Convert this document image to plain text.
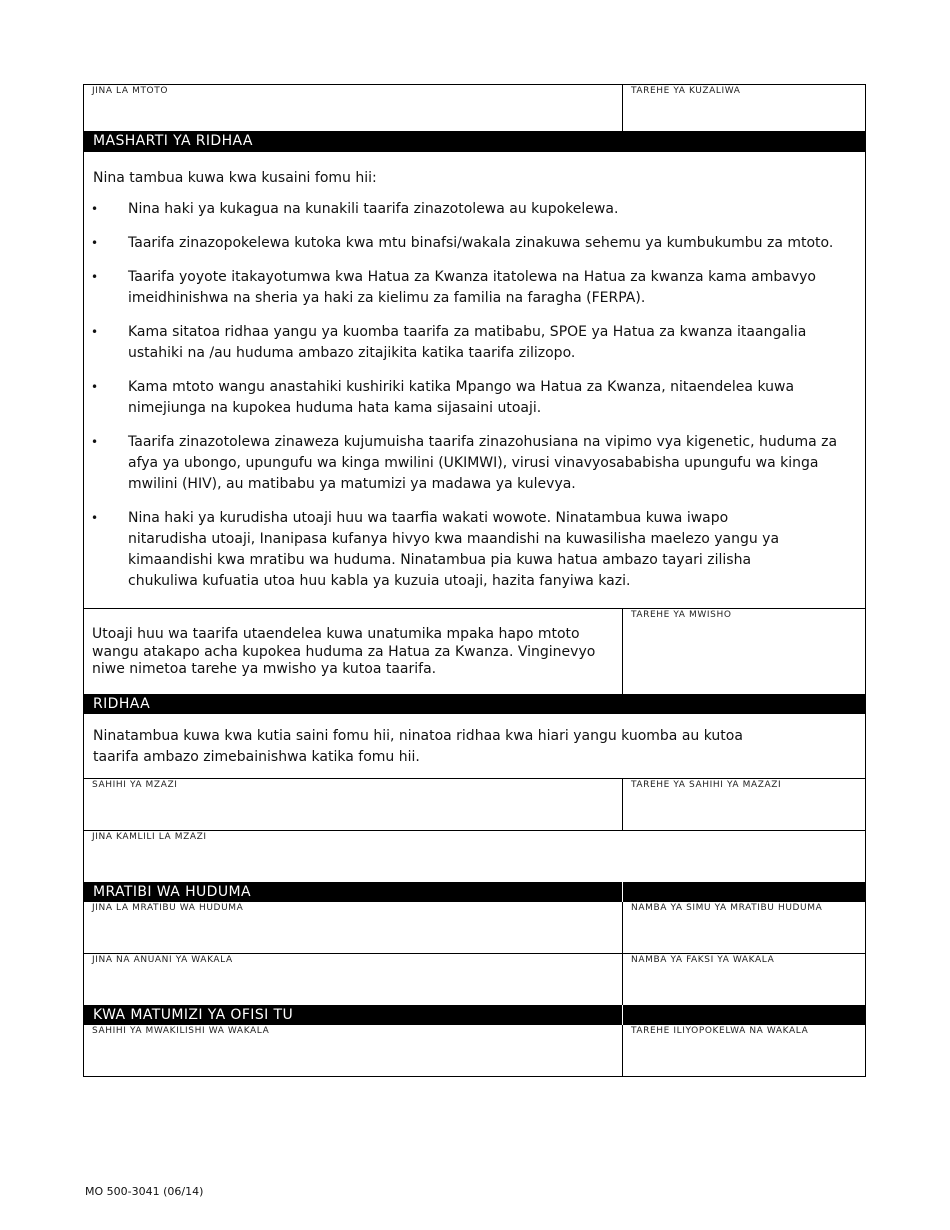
JINA LA MTOTO	TAREHE YA KUZALIWA
MASHARTI YA RIDHAA
Nina tambua kuwa kwa kusaini fomu hii:
• Nina haki ya kukagua na kunakili taarifa zinazotolewa au kupokelewa.
• Taarifa zinazopokelewa kutoka kwa mtu binafsi/wakala zinakuwa sehemu ya kumbukumbu za mtoto.
• Taarifa yoyote itakayotumwa kwa Hatua za Kwanza itatolewa na Hatua za kwanza kama ambavyo imeidhinishwa na sheria ya haki za kielimu za familia na faragha (FERPA).
• Kama sitatoa ridhaa yangu ya kuomba taarifa za matibabu, SPOE ya Hatua za kwanza itaangalia ustahiki na /au huduma ambazo zitajikita katika taarifa zilizopo.
• Kama mtoto wangu anastahiki kushiriki katika Mpango wa Hatua za Kwanza, nitaendelea kuwa nimejiunga na kupokea huduma hata kama sijasaini utoaji.
• Taarifa zinazotolewa zinaweza kujumuisha taarifa zinazohusiana na vipimo vya kigenetic, huduma za afya ya ubongo, upungufu wa kinga mwilini (UKIMWI), virusi vinavyosababisha upungufu wa kinga mwilini (HIV), au matibabu ya matumizi ya madawa ya kulevya.
• Nina haki ya kurudisha utoaji huu wa taarfia wakati wowote. Ninatambua kuwa iwapo nitarudisha utoaji, Inanipasa kufanya hivyo kwa maandishi na kuwasilisha maelezo yangu ya kimaandishi kwa mratibu wa huduma. Ninatambua pia kuwa hatua ambazo tayari zilisha chukuliwa kufuatia utoa huu kabla ya kuzuia utoaji, hazita fanyiwa kazi.
Utoaji huu wa taarifa utaendelea kuwa unatumika mpaka hapo mtoto wangu atakapo acha kupokea huduma za Hatua za Kwanza. Vinginevyo niwe nimetoa tarehe ya mwisho ya kutoa taarifa.
TAREHE YA MWISHO
RIDHAA
Ninatambua kuwa kwa kutia saini fomu hii, ninatoa ridhaa kwa hiari yangu kuomba au kutoa taarifa ambazo zimebainishwa katika fomu hii.
SAHIHI YA MZAZI	TAREHE YA SAHIHI YA MAZAZI
JINA KAMLILI LA MZAZI
MRATIBI WA HUDUMA
JINA LA MRATIBU WA HUDUMA	NAMBA YA SIMU YA MRATIBU HUDUMA
JINA NA ANUANI YA WAKALA	NAMBA YA FAKSI YA WAKALA
KWA MATUMIZI YA OFISI TU
SAHIHI YA MWAKILISHI WA WAKALA	TAREHE ILIYOPOKELWA NA WAKALA
MO 500-3041 (06/14)
